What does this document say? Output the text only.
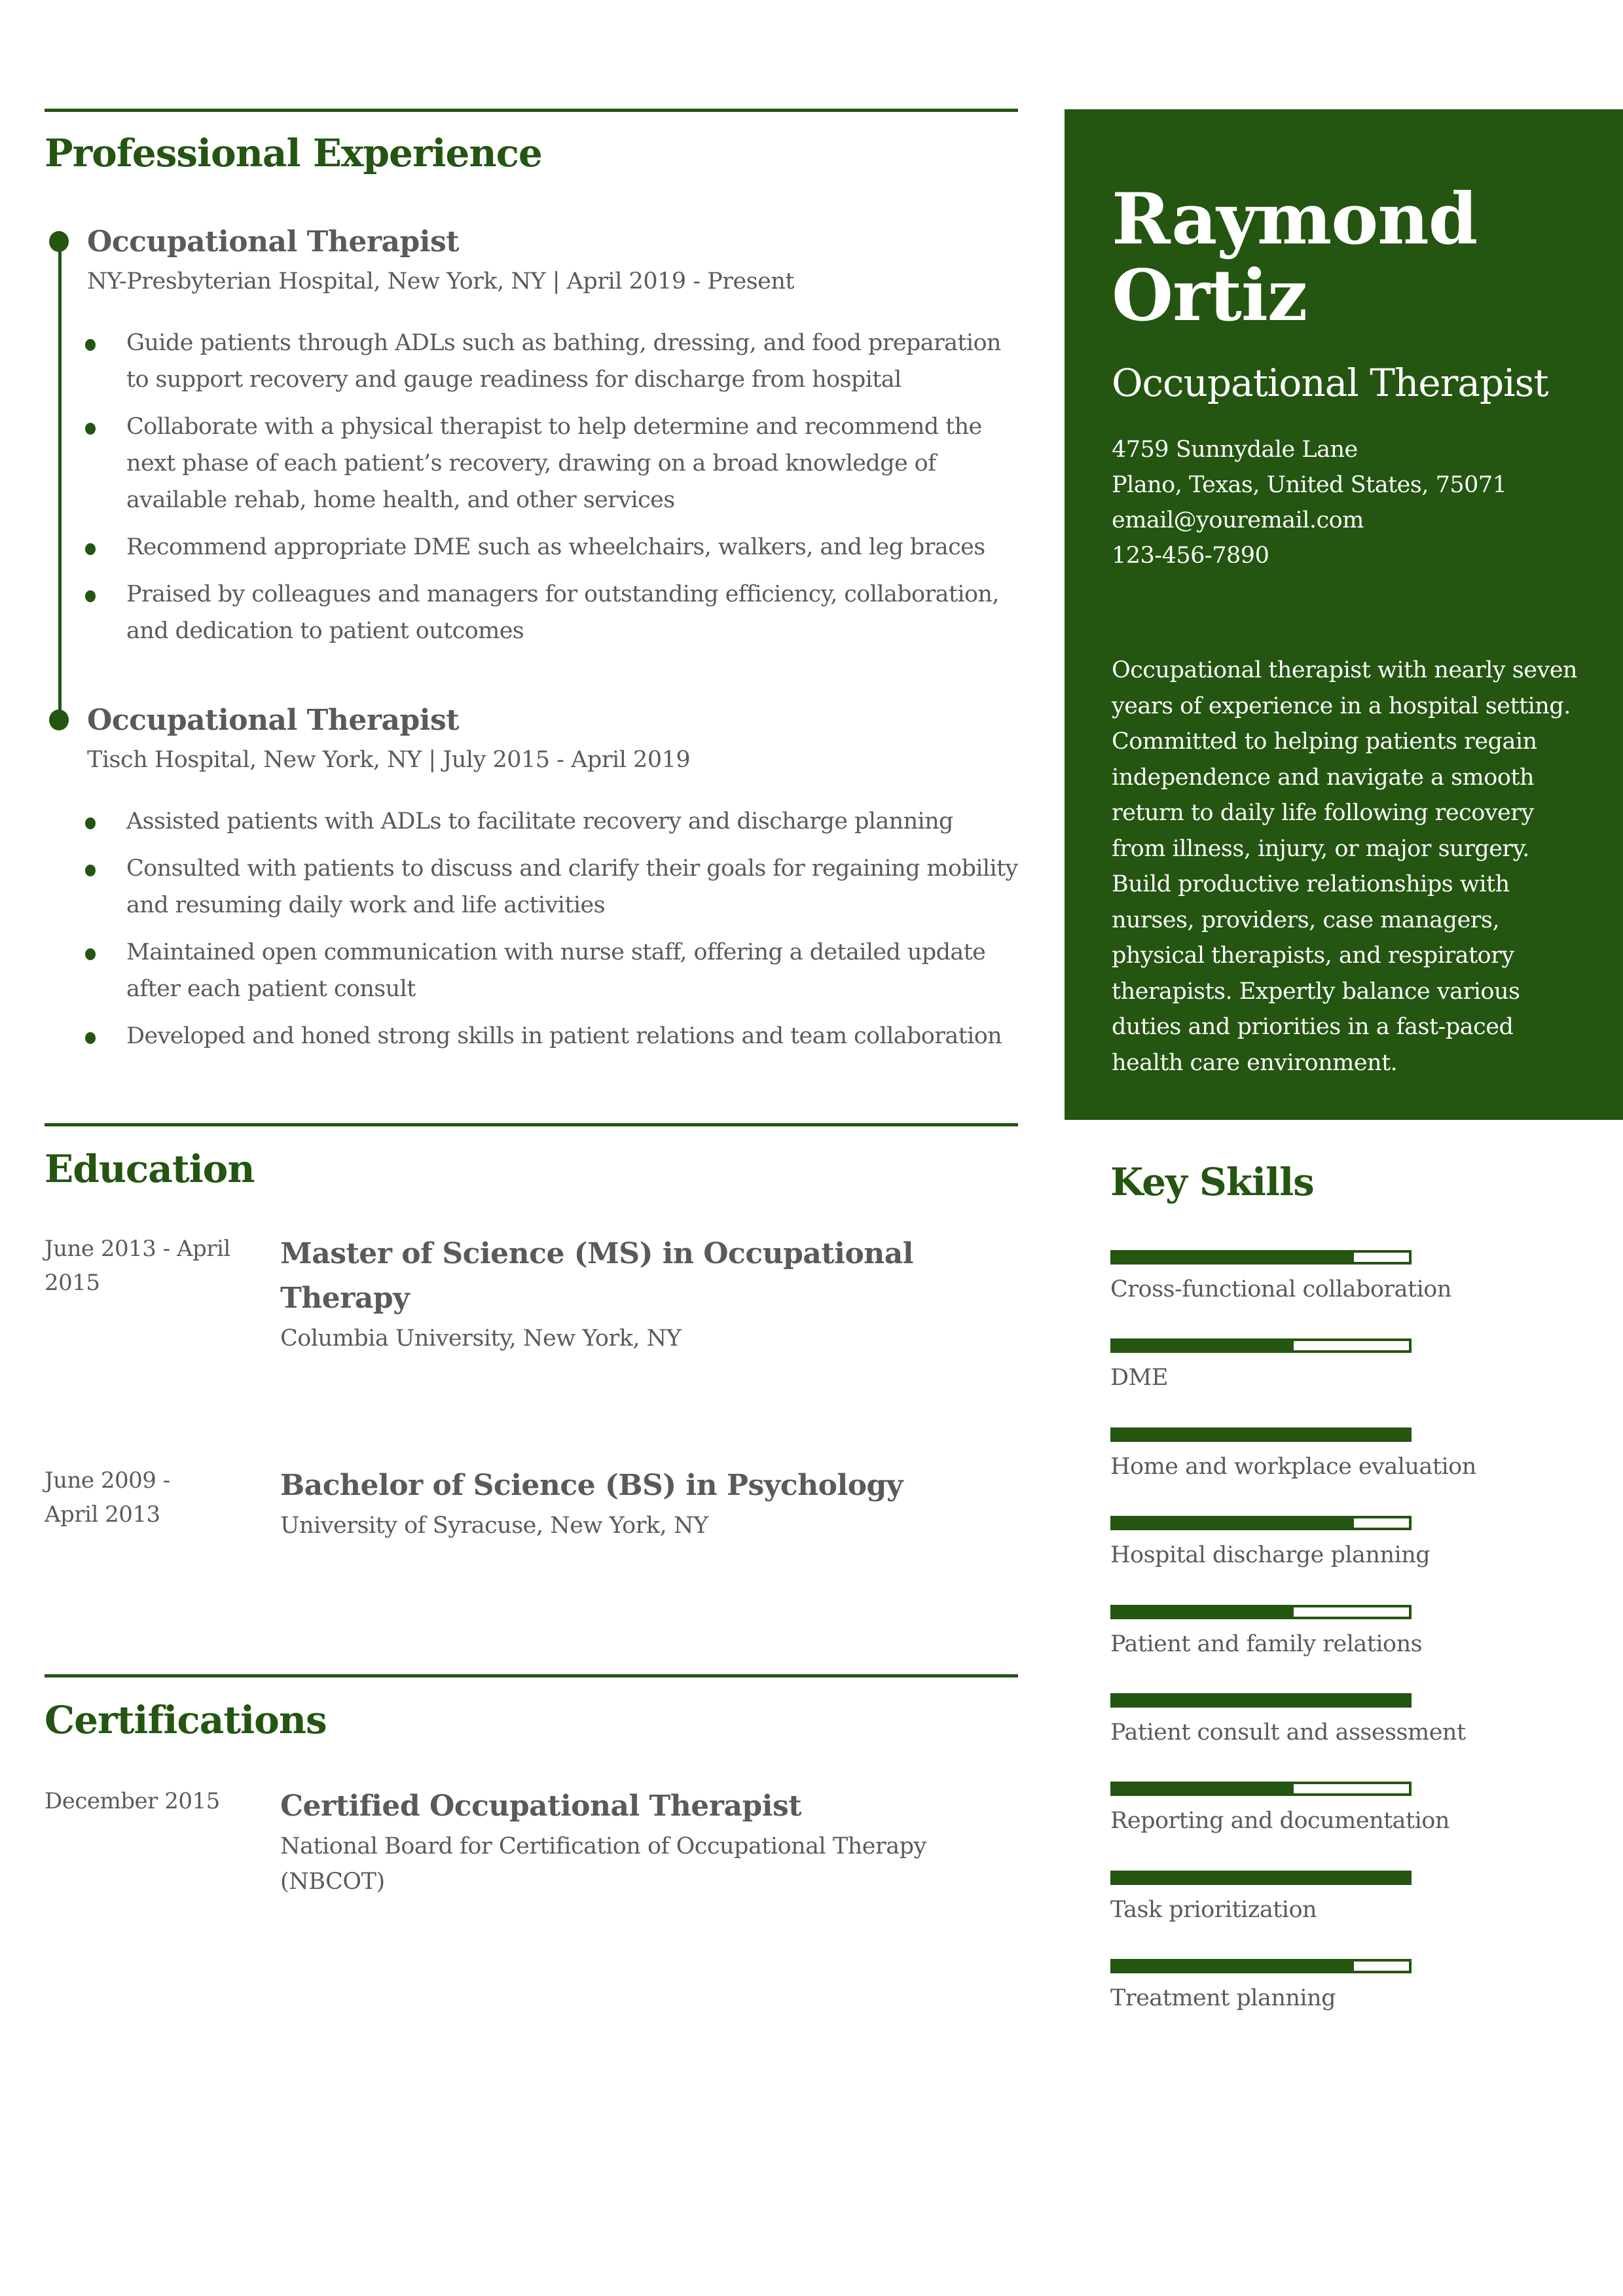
Professional Experience
Occupational Therapist
NY-Presbyterian Hospital, New York, NY | April 2019 - Present
Guide patients through ADLs such as bathing, dressing, and food preparation to support recovery and gauge readiness for discharge from hospital
Collaborate with a physical therapist to help determine and recommend the next phase of each patient’s recovery, drawing on a broad knowledge of available rehab, home health, and other services
Recommend appropriate DME such as wheelchairs, walkers, and leg braces
Praised by colleagues and managers for outstanding efficiency, collaboration, and dedication to patient outcomes
Occupational Therapist
Tisch Hospital, New York, NY | July 2015 - April 2019
Assisted patients with ADLs to facilitate recovery and discharge planning
Consulted with patients to discuss and clarify their goals for regaining mobility and resuming daily work and life activities
Maintained open communication with nurse staff, offering a detailed update after each patient consult
Developed and honed strong skills in patient relations and team collaboration
Education
June 2013 - April 2015
Master of Science (MS) in Occupational Therapy
Columbia University, New York, NY
June 2009 - April 2013
Bachelor of Science (BS) in Psychology
University of Syracuse, New York, NY
Certifications
December 2015	Certified Occupational Therapist
National Board for Certification of Occupational Therapy (NBCOT)
Raymond
Ortiz
Occupational Therapist
4759 Sunnydale Lane
Plano, Texas, United States, 75071
email@youremail.com
123-456-7890
Occupational therapist with nearly seven years of experience in a hospital setting. Committed to helping patients regain independence and navigate a smooth return to daily life following recovery from illness, injury, or major surgery. Build productive relationships with nurses, providers, case managers, physical therapists, and respiratory therapists. Expertly balance various duties and priorities in a fast-paced health care environment.
Key Skills
Cross-functional collaboration
DME
Home and workplace evaluation
Hospital discharge planning
Patient and family relations
Patient consult and assessment
Reporting and documentation
Task prioritization
Treatment planning
